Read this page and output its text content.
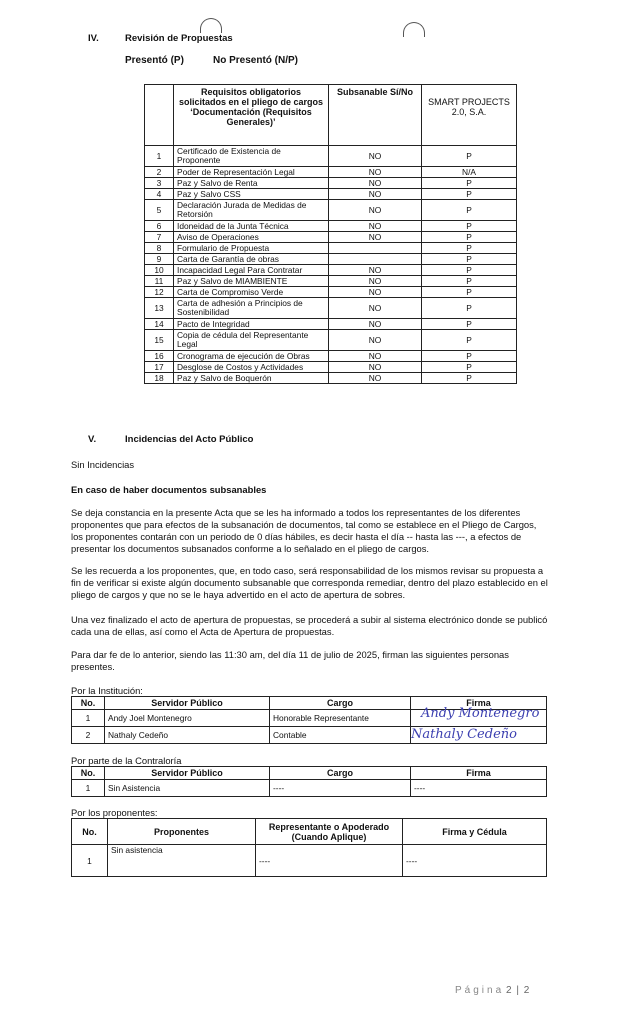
IV.	Revisión de Propuestas
Presentó (P)	No Presentó (N/P)
	Requisitos obligatorios solicitados en el pliego de cargos ‘Documentación (Requisitos Generales)’	Subsanable Sí/No	SMART PROJECTS 2.0, S.A.
1	Certificado de Existencia de Proponente	NO	P
2	Poder de Representación Legal	NO	N/A
3	Paz y Salvo de Renta	NO	P
4	Paz y Salvo CSS	NO	P
5	Declaración Jurada de Medidas de Retorsión	NO	P
6	Idoneidad de la Junta Técnica	NO	P
7	Aviso de Operaciones	NO	P
8	Formulario de Propuesta		P
9	Carta de Garantía de obras		P
10	Incapacidad Legal Para Contratar	NO	P
11	Paz y Salvo de MIAMBIENTE	NO	P
12	Carta de Compromiso Verde	NO	P
13	Carta de adhesión a Principios de Sostenibilidad	NO	P
14	Pacto de Integridad	NO	P
15	Copia de cédula del Representante Legal	NO	P
16	Cronograma de ejecución de Obras	NO	P
17	Desglose de Costos y Actividades	NO	P
18	Paz y Salvo de Boquerón	NO	P
V.	Incidencias del Acto Público
Sin Incidencias
En caso de haber documentos subsanables

Se deja constancia en la presente Acta que se les ha informado a todos los representantes de los diferentes proponentes que para efectos de la subsanación de documentos, tal como se establece en el Pliego de Cargos, los proponentes contarán con un periodo de 0 días hábiles, es decir hasta el día -- hasta las ---, a efectos de presentar los documentos subsanados conforme a lo señalado en el pliego de cargos.

Se les recuerda a los proponentes, que, en todo caso, será responsabilidad de los mismos revisar su propuesta a fin de verificar si existe algún documento subsanable que corresponda remediar, dentro del plazo establecido en el pliego de cargos y que no se le haya advertido en el acto de apertura de sobres.

Una vez finalizado el acto de apertura de propuestas, se procederá a subir al sistema electrónico donde se publicó cada una de ellas, así como el Acta de Apertura de propuestas.

Para dar fe de lo anterior, siendo las 11:30 am, del día 11 de julio de 2025, firman las siguientes personas presentes.

Por la Institución:
No.	Servidor Público	Cargo	Firma
1	Andy Joel Montenegro	Honorable Representante	Andy Montenegro

2	Nathaly Cedeño	Contable	Nathaly Cedeño
Por parte de la Contraloría
No.	Servidor Público	Cargo	Firma
1	Sin Asistencia	----	----
Por los proponentes:
No.	Proponentes	Representante o Apoderado (Cuando Aplique)	Firma y Cédula
1	Sin asistencia	----	----
Página 2 | 2
